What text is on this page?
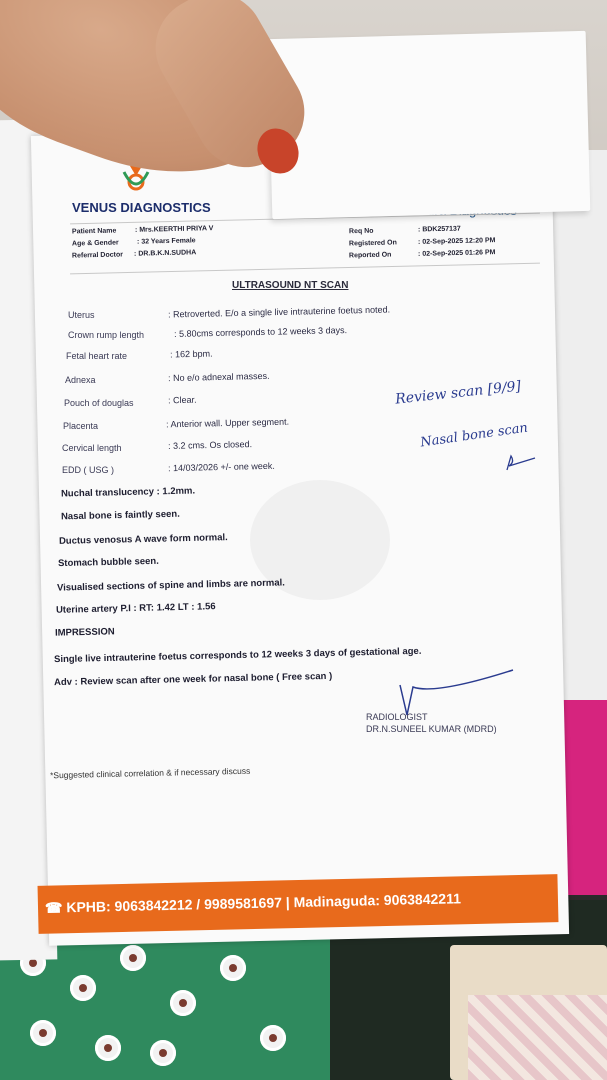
VENUS DIAGNOSTICS
Patient Name	: Mrs.KEERTHI PRIYA V
Age & Gender	: 32 Years Female
Referral Doctor : DR.B.K.N.SUDHA
Req No	: BDK257137
Registered On	: 02-Sep-2025 12:20 PM
Reported On	: 02-Sep-2025 01:26 PM
ULTRASOUND NT SCAN
Uterus	: Retroverted. E/o a single live intrauterine foetus noted.
Crown rump length	: 5.80cms corresponds to 12 weeks 3 days.
Fetal heart rate	: 162 bpm.
Adnexa	: No e/o adnexal masses.
Pouch of douglas	: Clear.
Placenta	: Anterior wall. Upper segment.
Cervical length	: 3.2 cms. Os closed.
EDD ( USG )	: 14/03/2026 +/- one week.
Nuchal translucency : 1.2mm.
Nasal bone is faintly seen.
Ductus venosus A wave form normal.
Stomach bubble seen.
Visualised sections of spine and limbs are normal.
Uterine artery P.I : RT: 1.42 LT : 1.56
IMPRESSION
Single live intrauterine foetus corresponds to 12 weeks 3 days of gestational age.
Adv : Review scan after one week for nasal bone ( Free scan )
RADIOLOGIST
DR.N.SUNEEL KUMAR (MDRD)
*Suggested clinical correlation & if necessary discuss
Review scan [9/9]
Nasal bone scan
☎ KPHB: 9063842212 / 9989581697 | Madinaguda: 9063842211
